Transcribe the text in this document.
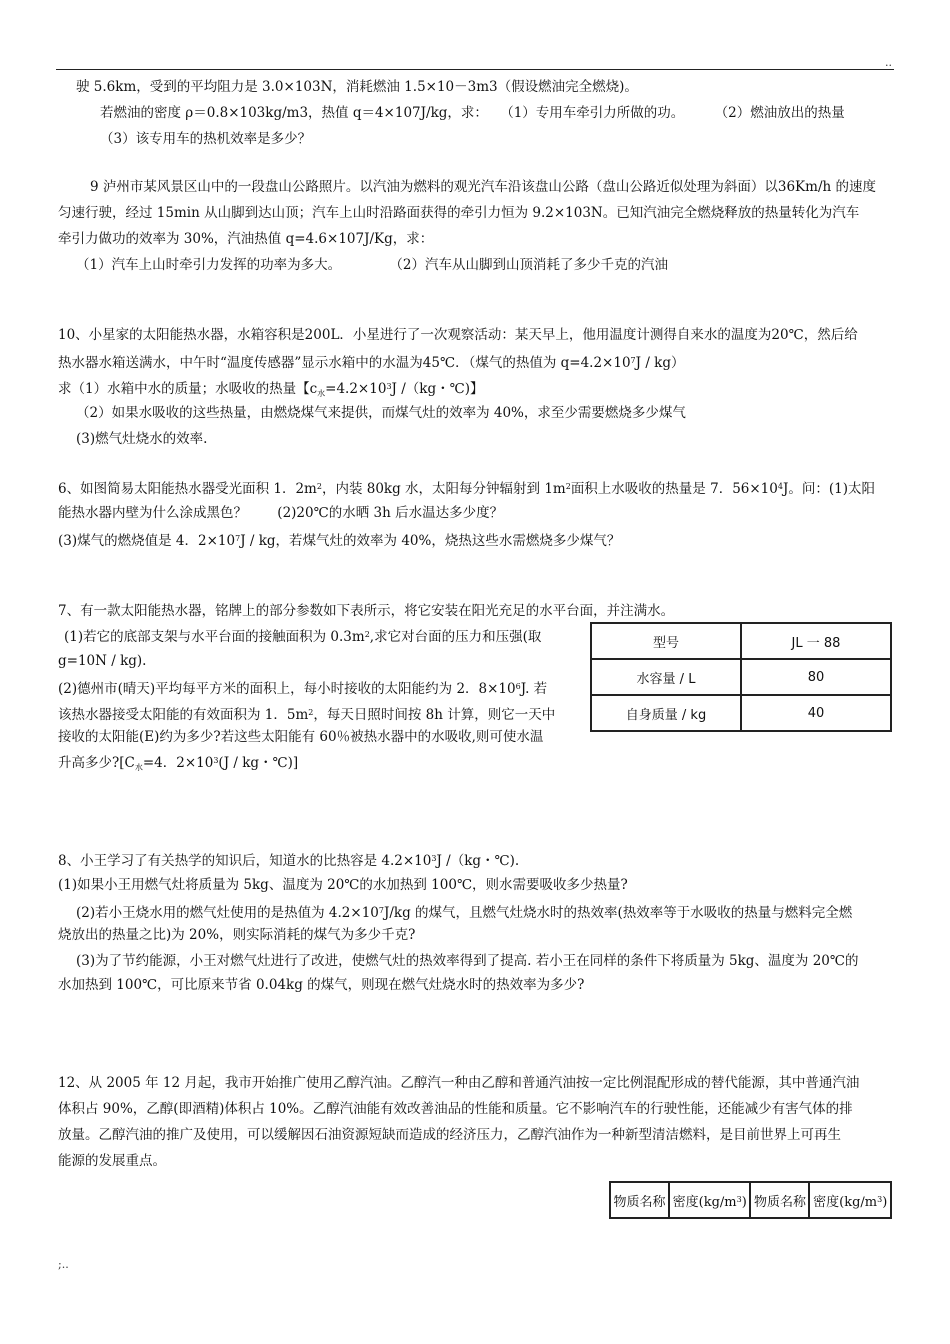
..
驶 5.6km，受到的平均阻力是 3.0×103N，消耗燃油 1.5×10－3m3（假设燃油完全燃烧)。
若燃油的密度 ρ＝0.8×103kg/m3，热值 q＝4×107J/kg，求： （1）专用车牵引力所做的功。 （2）燃油放出的热量
（3）该专用车的热机效率是多少？
9 泸州市某风景区山中的一段盘山公路照片。以汽油为燃料的观光汽车沿该盘山公路（盘山公路近似处理为斜面）以36Km/h 的速度
匀速行驶，经过 15min 从山脚到达山顶；汽车上山时沿路面获得的牵引力恒为 9.2×103N。已知汽油完全燃烧释放的热量转化为汽车
牵引力做功的效率为 30%，汽油热值 q=4.6×107J/Kg，求：
（1）汽车上山时牵引力发挥的功率为多大。	（2）汽车从山脚到山顶消耗了多少千克的汽油
10、小星家的太阳能热水器，水箱容积是200L．小星进行了一次观察活动：某天早上，他用温度计测得自来水的温度为20℃，然后给
热水器水箱送满水，中午时“温度传感器”显示水箱中的水温为45℃．（煤气的热值为 $q=4.2\times 10^7J / kg$）
求（1）水箱中水的质量；水吸收的热量【$c_水=4.2\times 10^3J$ /（kg・℃)】
（2）如果水吸收的这些热量，由燃烧煤气来提供，而煤气灶的效率为 40%，求至少需要燃烧多少煤气
(3)燃气灶烧水的效率.
6、如图简易太阳能热水器受光面积 1．$2m^2$，内装 80kg 水，太阳每分钟辐射到 $1m^2$面积上水吸收的热量是 7．$56\times 10^4J$。问：(1)太阳
能热水器内壁为什么涂成黑色？ (2)20℃的水晒 3h 后水温达多少度？
(3)煤气的燃烧值是 4．$2\times 10^7J$ / kg，若煤气灶的效率为 40%，烧热这些水需燃烧多少煤气？
7、有一款太阳能热水器，铭牌上的部分参数如下表所示，将它安装在阳光充足的水平台面，并注满水。
(1)若它的底部支架与水平台面的接触面积为 $0.3m^2$,求它对台面的压力和压强(取
g=10N / kg).
(2)德州市(晴天)平均每平方米的面积上，每小时接收的太阳能约为 2．$8\times 10^6J$. 若
该热水器接受太阳能的有效面积为 1．$5m^2$，每天日照时间按 8h 计算，则它一天中
接收的太阳能(E)约为多少?若这些太阳能有 60％被热水器中的水吸收,则可使水温
升高多少$?[C_水=4$．$2\times 10^3(J$ / kg・℃)]
型号	JL 一 88
水容量 / L	80
自身质量 / kg	40
8、小王学习了有关热学的知识后，知道水的比热容是 $4.2\times 10^3J$ /（kg・℃).
(1)如果小王用燃气灶将质量为 5kg、温度为 20℃的水加热到 100℃，则水需要吸收多少热量?
(2)若小王烧水用的燃气灶使用的是热值为 $4.2\times 10^7J/kg$ 的煤气，且燃气灶烧水时的热效率(热效率等于水吸收的热量与燃料完全燃
烧放出的热量之比)为 20%，则实际消耗的煤气为多少千克?
(3)为了节约能源，小王对燃气灶进行了改进，使燃气灶的热效率得到了提高. 若小王在同样的条件下将质量为 5kg、温度为 20℃的
水加热到 100℃，可比原来节省 0.04kg 的煤气，则现在燃气灶烧水时的热效率为多少?
12、从 2005 年 12 月起，我市开始推广使用乙醇汽油。乙醇汽一种由乙醇和普通汽油按一定比例混配形成的替代能源，其中普通汽油
体积占 90%，乙醇(即酒精)体积占 10%。乙醇汽油能有效改善油品的性能和质量。它不影响汽车的行驶性能，还能减少有害气体的排
放量。乙醇汽油的推广及使用，可以缓解因石油资源短缺而造成的经济压力，乙醇汽油作为一种新型清洁燃料，是目前世界上可再生
能源的发展重点。
物质名称	密度$(kg/m^3)$	物质名称	密度$(kg/m^3)$
;..
